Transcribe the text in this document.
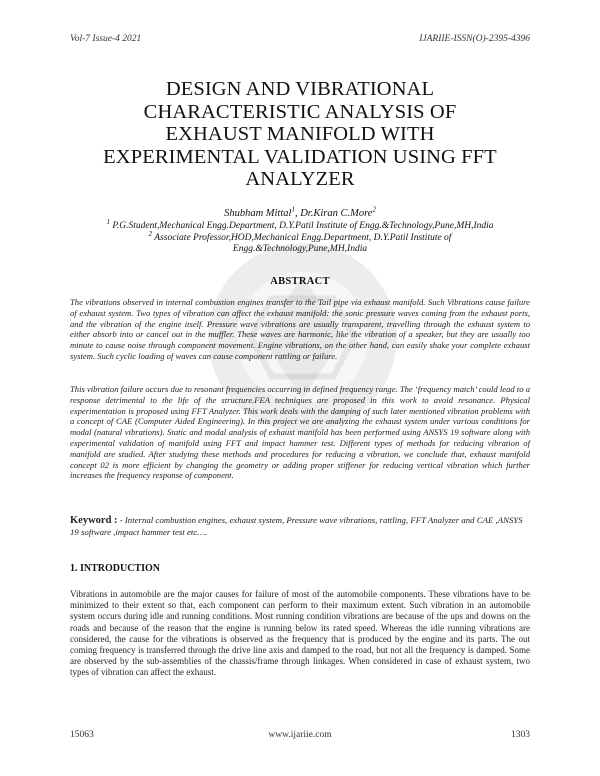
Vol-7 Issue-4 2021	IJARIIE-ISSN(O)-2395-4396
DESIGN AND VIBRATIONAL
CHARACTERISTIC ANALYSIS OF
EXHAUST MANIFOLD WITH
EXPERIMENTAL VALIDATION USING FFT
ANALYZER
Shubham Mittal$^1$, Dr.Kiran C.More$^2$
$^1$ P.G.Student,Mechanical Engg.Department, D.Y.Patil Institute of Engg.&Technology,Pune,MH,India
$^2$ Associate Professor,HOD,Mechanical Engg.Department, D.Y.Patil Institute of
Engg.&Technology,Pune,MH,India
ABSTRACT
The vibrations observed in internal combustion engines transfer to the Tail pipe via exhaust manifold. Such Vibrations cause failure of exhaust system. Two types of vibration can affect the exhaust manifold: the sonic pressure waves coming from the exhaust ports, and the vibration of the engine itself. Pressure wave vibrations are usually transparent, travelling through the exhaust system to either absorb into or cancel out in the muffler. These waves are harmonic, like the vibration of a speaker, but they are usually too minute to cause noise through component movement. Engine vibrations, on the other hand, can easily shake your complete exhaust system. Such cyclic loading of waves can cause component rattling or failure.
This vibration failure occurs due to resonant frequencies occurring in defined frequency range. The ‘frequency match’ could lead to a response detrimental to the life of the structure.FEA techniques are proposed in this work to avoid resonance. Physical experimentation is proposed using FFT Analyzer. This work deals with the damping of such later mentioned vibration problems with a concept of CAE (Computer Aided Engineering). In this project we are analyzing the exhaust system under various conditions for modal (natural vibrations). Static and modal analysis of exhaust manifold has been performed using ANSYS 19 software along with experimental validation of manifold using FFT and impact hammer test. Different types of methods for reducing vibration of manifold are studied. After studying these methods and procedures for reducing a vibration, we conclude that, exhaust manifold concept 02 is more efficient by changing the geometry or adding proper stiffener for reducing vertical vibration which further increases the frequency response of component.
Keyword : - Internal combustion engines, exhaust system, Pressure wave vibrations, rattling, FFT Analyzer and CAE ,ANSYS 19 software ,impact hammer test etc….
1. INTRODUCTION
Vibrations in automobile are the major causes for failure of most of the automobile components. These vibrations have to be minimized to their extent so that, each component can perform to their maximum extent. Such vibration in an automobile system occurs during idle and running conditions. Most running condition vibrations are because of the ups and downs on the roads and because of the reason that the engine is running below its rated speed. Whereas the idle running vibrations are considered, the cause for the vibrations is observed as the frequency that is produced by the engine and its parts. The out coming frequency is transferred through the drive line axis and damped to the road, but not all the frequency is damped. Some are observed by the sub-assemblies of the chassis/frame through linkages. When considered in case of exhaust system, two types of vibration can affect the exhaust.
15063	www.ijariie.com	1303
